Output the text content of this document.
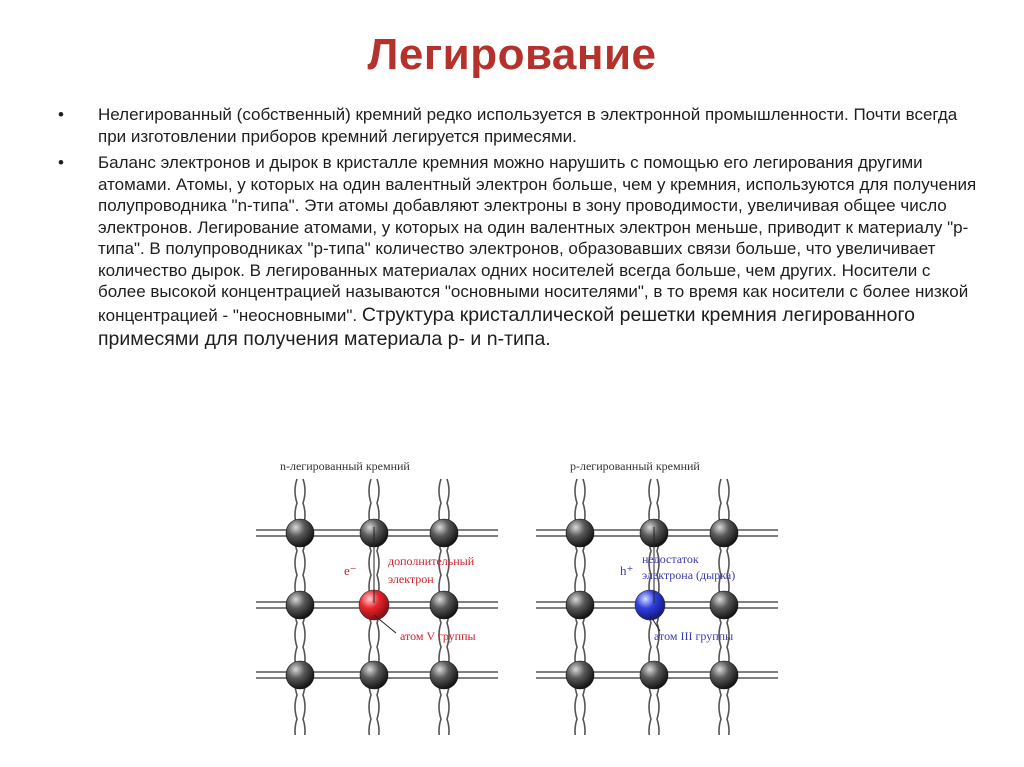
Легирование
• Нелегированный (собственный) кремний редко используется в электронной промышленности. Почти всегда при изготовлении приборов кремний легируется примесями.
• Баланс электронов и дырок в кристалле кремния можно нарушить с помощью его легирования другими атомами. Атомы, у которых на один валентный электрон больше, чем у кремния, используются для получения полупроводника "n-типа". Эти атомы добавляют электроны в зону проводимости, увеличивая общее число электронов. Легирование атомами, у которых на один валентных электрон меньше, приводит к материалу "р-типа". В полупроводниках "р-типа" количество электронов, образовавших связи больше, что увеличивает количество дырок. В легированных материалах одних носителей всегда больше, чем других. Носители с более высокой концентрацией называются "основными носителями", в то время как носители с более низкой концентрацией - "неосновными". Структура кристаллической решетки кремния легированного примесями для получения материала р- и n-типа.
n-легированный кремний
e⁻
дополнительный
электрон
атом V группы
р-легированный кремний
h⁺
недостаток
электрона (дырка)
атом III группы
